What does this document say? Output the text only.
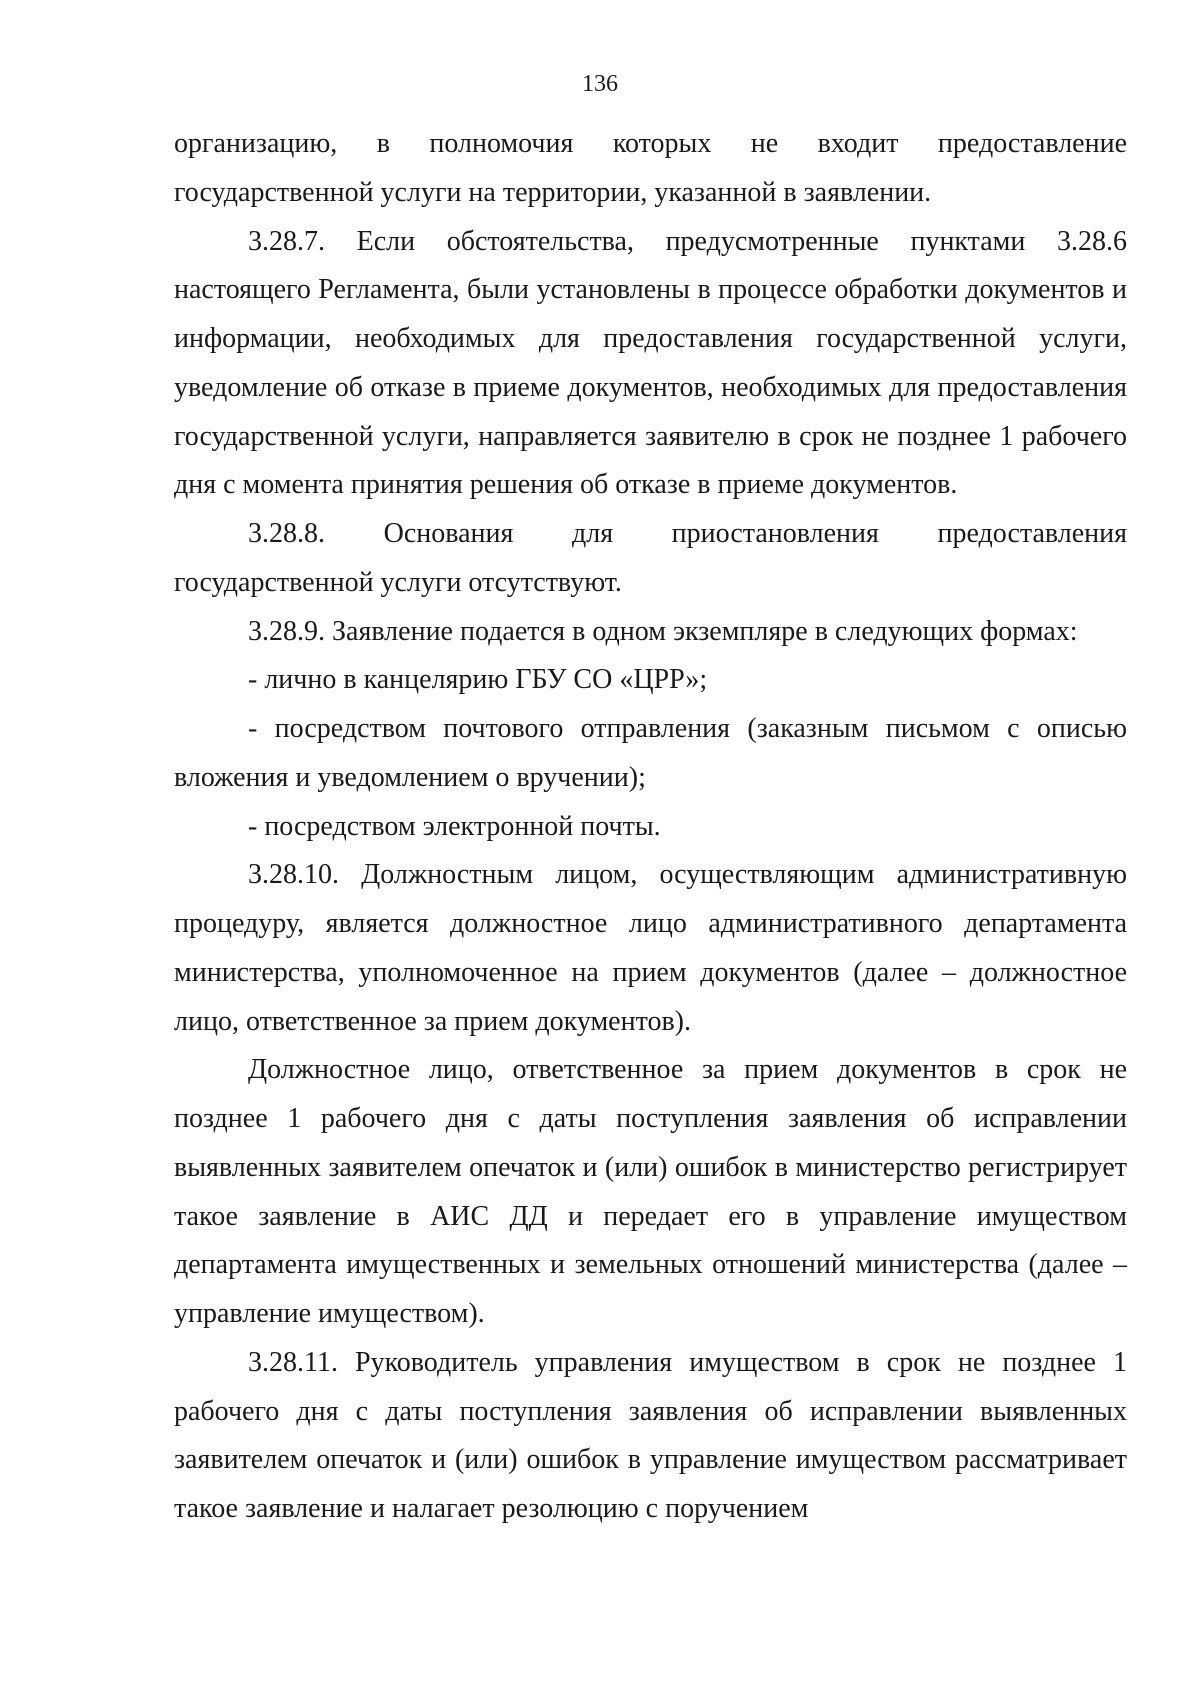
136

организацию, в полномочия которых не входит предоставление государственной услуги на территории, указанной в заявлении.

3.28.7. Если обстоятельства, предусмотренные пунктами 3.28.6 настоящего Регламента, были установлены в процессе обработки документов и информации, необходимых для предоставления государственной услуги, уведомление об отказе в приеме документов, необходимых для предоставления государственной услуги, направляется заявителю в срок не позднее 1 рабочего дня с момента принятия решения об отказе в приеме документов.

3.28.8. Основания для приостановления предоставления государственной услуги отсутствуют.

3.28.9. Заявление подается в одном экземпляре в следующих формах:

- лично в канцелярию ГБУ СО «ЦРР»;

- посредством почтового отправления (заказным письмом с описью вложения и уведомлением о вручении);

- посредством электронной почты.

3.28.10. Должностным лицом, осуществляющим административную процедуру, является должностное лицо административного департамента министерства, уполномоченное на прием документов (далее – должностное лицо, ответственное за прием документов).

Должностное лицо, ответственное за прием документов в срок не позднее 1 рабочего дня с даты поступления заявления об исправлении выявленных заявителем опечаток и (или) ошибок в министерство регистрирует такое заявление в АИС ДД и передает его в управление имуществом департамента имущественных и земельных отношений министерства (далее – управление имуществом).

3.28.11. Руководитель управления имуществом в срок не позднее 1 рабочего дня с даты поступления заявления об исправлении выявленных заявителем опечаток и (или) ошибок в управление имуществом рассматривает такое заявление и налагает резолюцию с поручением
